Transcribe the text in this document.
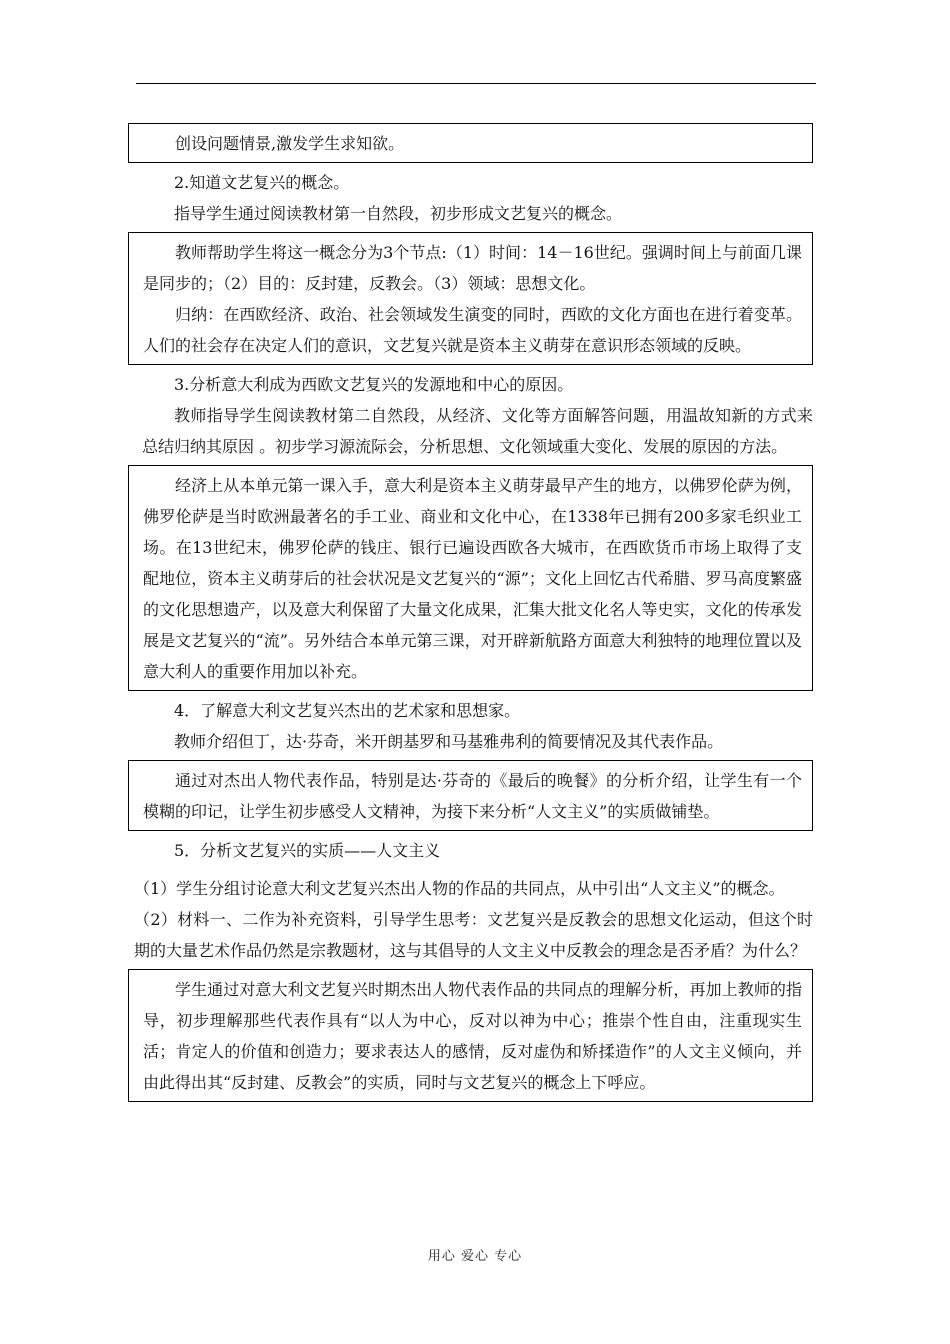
创设问题情景,激发学生求知欲。

2.知道文艺复兴的概念。

指导学生通过阅读教材第一自然段，初步形成文艺复兴的概念。

教师帮助学生将这一概念分为3个节点:（1）时间：14－16世纪。强调时间上与前面几课是同步的；（2）目的：反封建，反教会。（3）领域：思想文化。

归纳：在西欧经济、政治、社会领域发生演变的同时，西欧的文化方面也在进行着变革。人们的社会存在决定人们的意识，文艺复兴就是资本主义萌芽在意识形态领域的反映。

3.分析意大利成为西欧文艺复兴的发源地和中心的原因。

教师指导学生阅读教材第二自然段，从经济、文化等方面解答问题，用温故知新的方式来总结归纳其原因 。初步学习源流际会，分析思想、文化领域重大变化、发展的原因的方法。

经济上从本单元第一课入手，意大利是资本主义萌芽最早产生的地方，以佛罗伦萨为例，佛罗伦萨是当时欧洲最著名的手工业、商业和文化中心，在1338年已拥有200多家毛织业工场。在13世纪末，佛罗伦萨的钱庄、银行已遍设西欧各大城市，在西欧货币市场上取得了支配地位，资本主义萌芽后的社会状况是文艺复兴的“源”；文化上回忆古代希腊、罗马高度繁盛的文化思想遗产，以及意大利保留了大量文化成果，汇集大批文化名人等史实，文化的传承发展是文艺复兴的“流”。另外结合本单元第三课，对开辟新航路方面意大利独特的地理位置以及意大利人的重要作用加以补充。

4．了解意大利文艺复兴杰出的艺术家和思想家。

教师介绍但丁，达·芬奇，米开朗基罗和马基雅弗利的简要情况及其代表作品。

通过对杰出人物代表作品，特别是达·芬奇的《最后的晚餐》的分析介绍，让学生有一个模糊的印记，让学生初步感受人文精神，为接下来分析“人文主义”的实质做铺垫。

5．分析文艺复兴的实质——人文主义

（1）学生分组讨论意大利文艺复兴杰出人物的作品的共同点，从中引出“人文主义”的概念。

（2）材料一、二作为补充资料，引导学生思考：文艺复兴是反教会的思想文化运动，但这个时期的大量艺术作品仍然是宗教题材，这与其倡导的人文主义中反教会的理念是否矛盾？为什么？

学生通过对意大利文艺复兴时期杰出人物代表作品的共同点的理解分析，再加上教师的指导，初步理解那些代表作具有“以人为中心，反对以神为中心；推崇个性自由，注重现实生活；肯定人的价值和创造力；要求表达人的感情，反对虚伪和矫揉造作”的人文主义倾向，并由此得出其“反封建、反教会”的实质，同时与文艺复兴的概念上下呼应。

用心 爱心 专心
